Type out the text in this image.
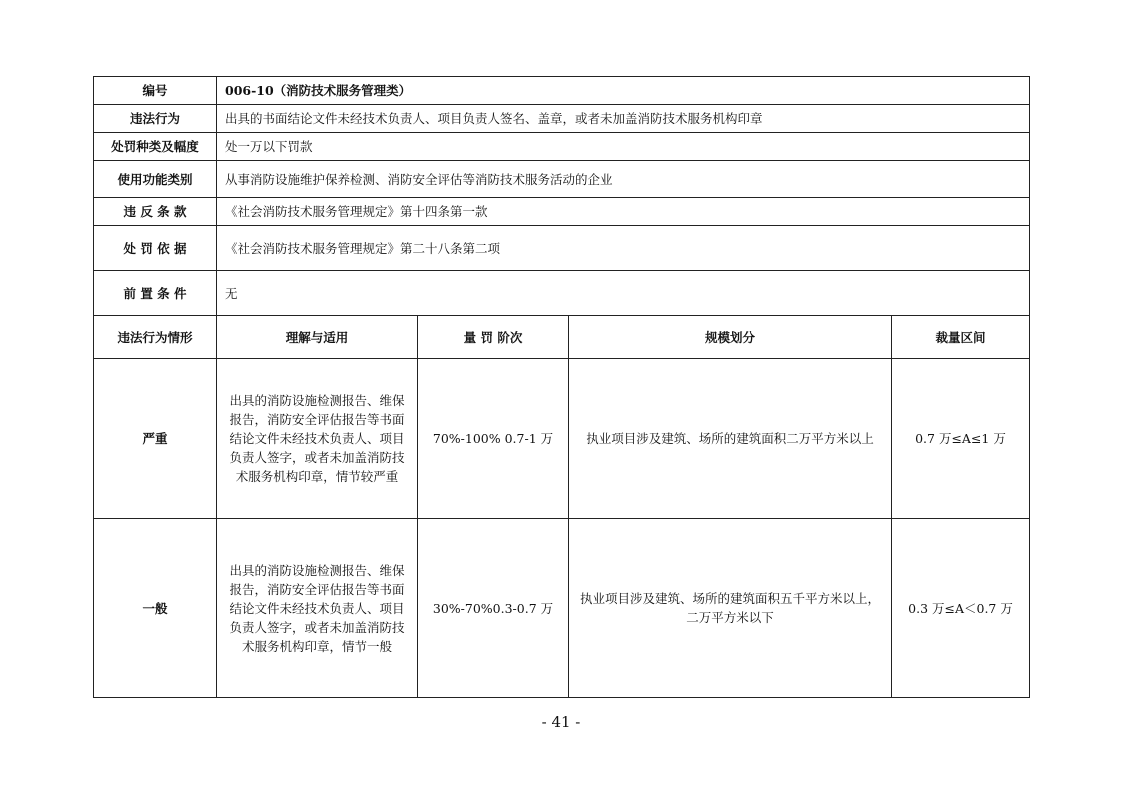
编号	006-10（消防技术服务管理类）			
违法行为	出具的书面结论文件未经技术负责人、项目负责人签名、盖章，或者未加盖消防技术服务机构印章			
处罚种类及幅度	处一万以下罚款			
使用功能类别	从事消防设施维护保养检测、消防安全评估等消防技术服务活动的企业			
违 反 条 款	《社会消防技术服务管理规定》第十四条第一款			
处 罚 依 据	《社会消防技术服务管理规定》第二十八条第二项			
前 置 条 件	无			
违法行为情形	理解与适用	量 罚 阶次	规模划分	裁量区间
严重	出具的消防设施检测报告、维保报告，消防安全评估报告等书面结论文件未经技术负责人、项目负责人签字，或者未加盖消防技术服务机构印章，情节较严重	70%-100% 0.7-1 万	执业项目涉及建筑、场所的建筑面积二万平方米以上	0.7 万≤A≤1 万
一般	出具的消防设施检测报告、维保报告，消防安全评估报告等书面结论文件未经技术负责人、项目负责人签字，或者未加盖消防技术服务机构印章，情节一般	30%-70%0.3-0.7 万	执业项目涉及建筑、场所的建筑面积五千平方米以上，二万平方米以下	0.3 万≤A＜0.7 万
- 41 -
